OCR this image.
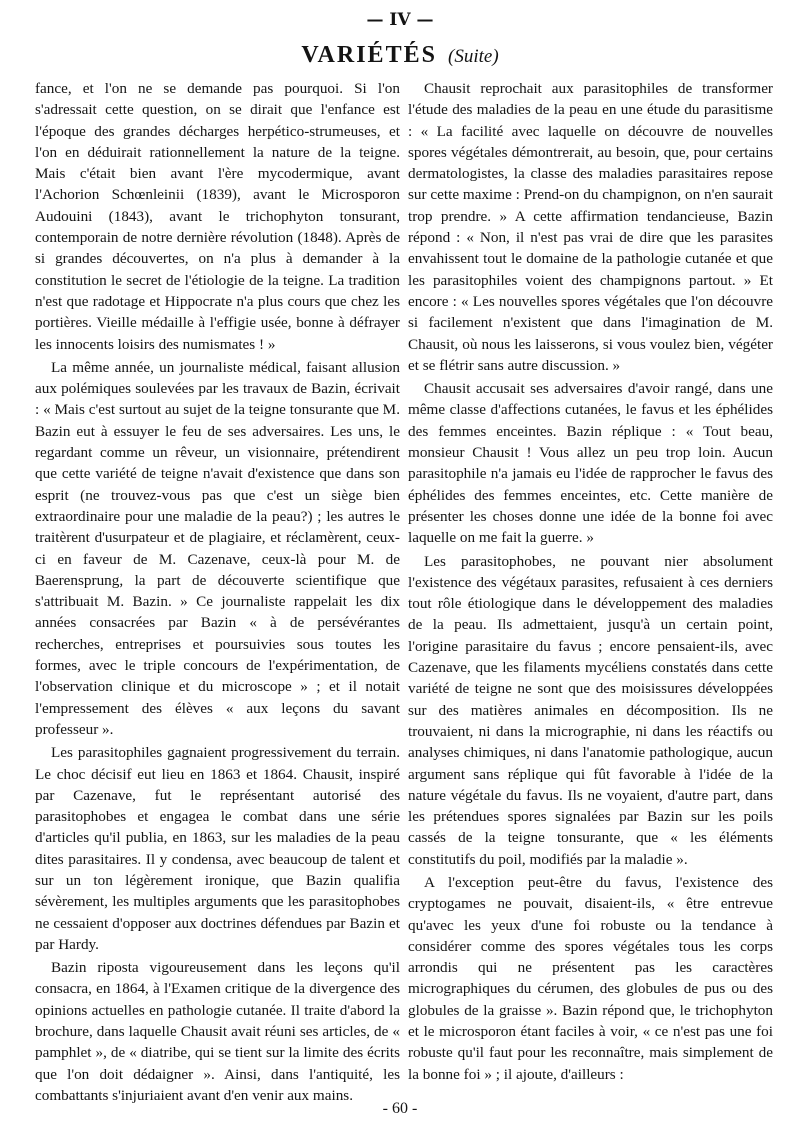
— IV —
VARIÉTÉS (Suite)

fance, et l'on ne se demande pas pourquoi. Si l'on s'adressait cette question, on se dirait que l'enfance est l'époque des grandes décharges herpético-strumeuses, et l'on en déduirait rationnellement la nature de la teigne. Mais c'était bien avant l'ère mycodermique, avant l'Achorion Schœnleinii (1839), avant le Microsporon Audouini (1843), avant le trichophyton tonsurant, contemporain de notre dernière révolution (1848). Après de si grandes découvertes, on n'a plus à demander à la constitution le secret de l'étiologie de la teigne. La tradition n'est que radotage et Hippocrate n'a plus cours que chez les portières. Vieille médaille à l'effigie usée, bonne à défrayer les innocents loisirs des numismates ! »

La même année, un journaliste médical, faisant allusion aux polémiques soulevées par les travaux de Bazin, écrivait : « Mais c'est surtout au sujet de la teigne tonsurante que M. Bazin eut à essuyer le feu de ses adversaires. Les uns, le regardant comme un rêveur, un visionnaire, prétendirent que cette variété de teigne n'avait d'existence que dans son esprit (ne trouvez-vous pas que c'est un siège bien extraordinaire pour une maladie de la peau?) ; les autres le traitèrent d'usurpateur et de plagiaire, et réclamèrent, ceux-ci en faveur de M. Cazenave, ceux-là pour M. de Baerensprung, la part de découverte scientifique que s'attribuait M. Bazin. » Ce journaliste rappelait les dix années consacrées par Bazin « à de persévérantes recherches, entreprises et poursuivies sous toutes les formes, avec le triple concours de l'expérimentation, de l'observation clinique et du microscope » ; et il notait l'empressement des élèves « aux leçons du savant professeur ».

Les parasitophiles gagnaient progressivement du terrain. Le choc décisif eut lieu en 1863 et 1864. Chausit, inspiré par Cazenave, fut le représentant autorisé des parasitophobes et engagea le combat dans une série d'articles qu'il publia, en 1863, sur les maladies de la peau dites parasitaires. Il y condensa, avec beaucoup de talent et sur un ton légèrement ironique, que Bazin qualifia sévèrement, les multiples arguments que les parasitophobes ne cessaient d'opposer aux doctrines défendues par Bazin et par Hardy.

Bazin riposta vigoureusement dans les leçons qu'il consacra, en 1864, à l'Examen critique de la divergence des opinions actuelles en pathologie cutanée. Il traite d'abord la brochure, dans laquelle Chausit avait réuni ses articles, de « pamphlet », de « diatribe, qui se tient sur la limite des écrits que l'on doit dédaigner ». Ainsi, dans l'antiquité, les combattants s'injuriaient avant d'en venir aux mains.

Chausit reprochait aux parasitophiles de transformer l'étude des maladies de la peau en une étude du parasitisme : « La facilité avec laquelle on découvre de nouvelles spores végétales démontrerait, au besoin, que, pour certains dermatologistes, la classe des maladies parasitaires repose sur cette maxime : Prend-on du champignon, on n'en saurait trop prendre. » A cette affirmation tendancieuse, Bazin répond : « Non, il n'est pas vrai de dire que les parasites envahissent tout le domaine de la pathologie cutanée et que les parasitophiles voient des champignons partout. » Et encore : « Les nouvelles spores végétales que l'on découvre si facilement n'existent que dans l'imagination de M. Chausit, où nous les laisserons, si vous voulez bien, végéter et se flétrir sans autre discussion. »

Chausit accusait ses adversaires d'avoir rangé, dans une même classe d'affections cutanées, le favus et les éphélides des femmes enceintes. Bazin réplique : « Tout beau, monsieur Chausit ! Vous allez un peu trop loin. Aucun parasitophile n'a jamais eu l'idée de rapprocher le favus des éphélides des femmes enceintes, etc. Cette manière de présenter les choses donne une idée de la bonne foi avec laquelle on me fait la guerre. »

Les parasitophobes, ne pouvant nier absolument l'existence des végétaux parasites, refusaient à ces derniers tout rôle étiologique dans le développement des maladies de la peau. Ils admettaient, jusqu'à un certain point, l'origine parasitaire du favus ; encore pensaient-ils, avec Cazenave, que les filaments mycéliens constatés dans cette variété de teigne ne sont que des moisissures développées sur des matières animales en décomposition. Ils ne trouvaient, ni dans la micrographie, ni dans les réactifs ou analyses chimiques, ni dans l'anatomie pathologique, aucun argument sans réplique qui fût favorable à l'idée de la nature végétale du favus. Ils ne voyaient, d'autre part, dans les prétendues spores signalées par Bazin sur les poils cassés de la teigne tonsurante, que « les éléments constitutifs du poil, modifiés par la maladie ».

A l'exception peut-être du favus, l'existence des cryptogames ne pouvait, disaient-ils, « être entrevue qu'avec les yeux d'une foi robuste ou la tendance à considérer comme des spores végétales tous les corps arrondis qui ne présentent pas les caractères micrographiques du cérumen, des globules de pus ou des globules de la graisse ». Bazin répond que, le trichophyton et le microsporon étant faciles à voir, « ce n'est pas une foi robuste qu'il faut pour les reconnaître, mais simplement de la bonne foi » ; il ajoute, d'ailleurs :

- 60 -
